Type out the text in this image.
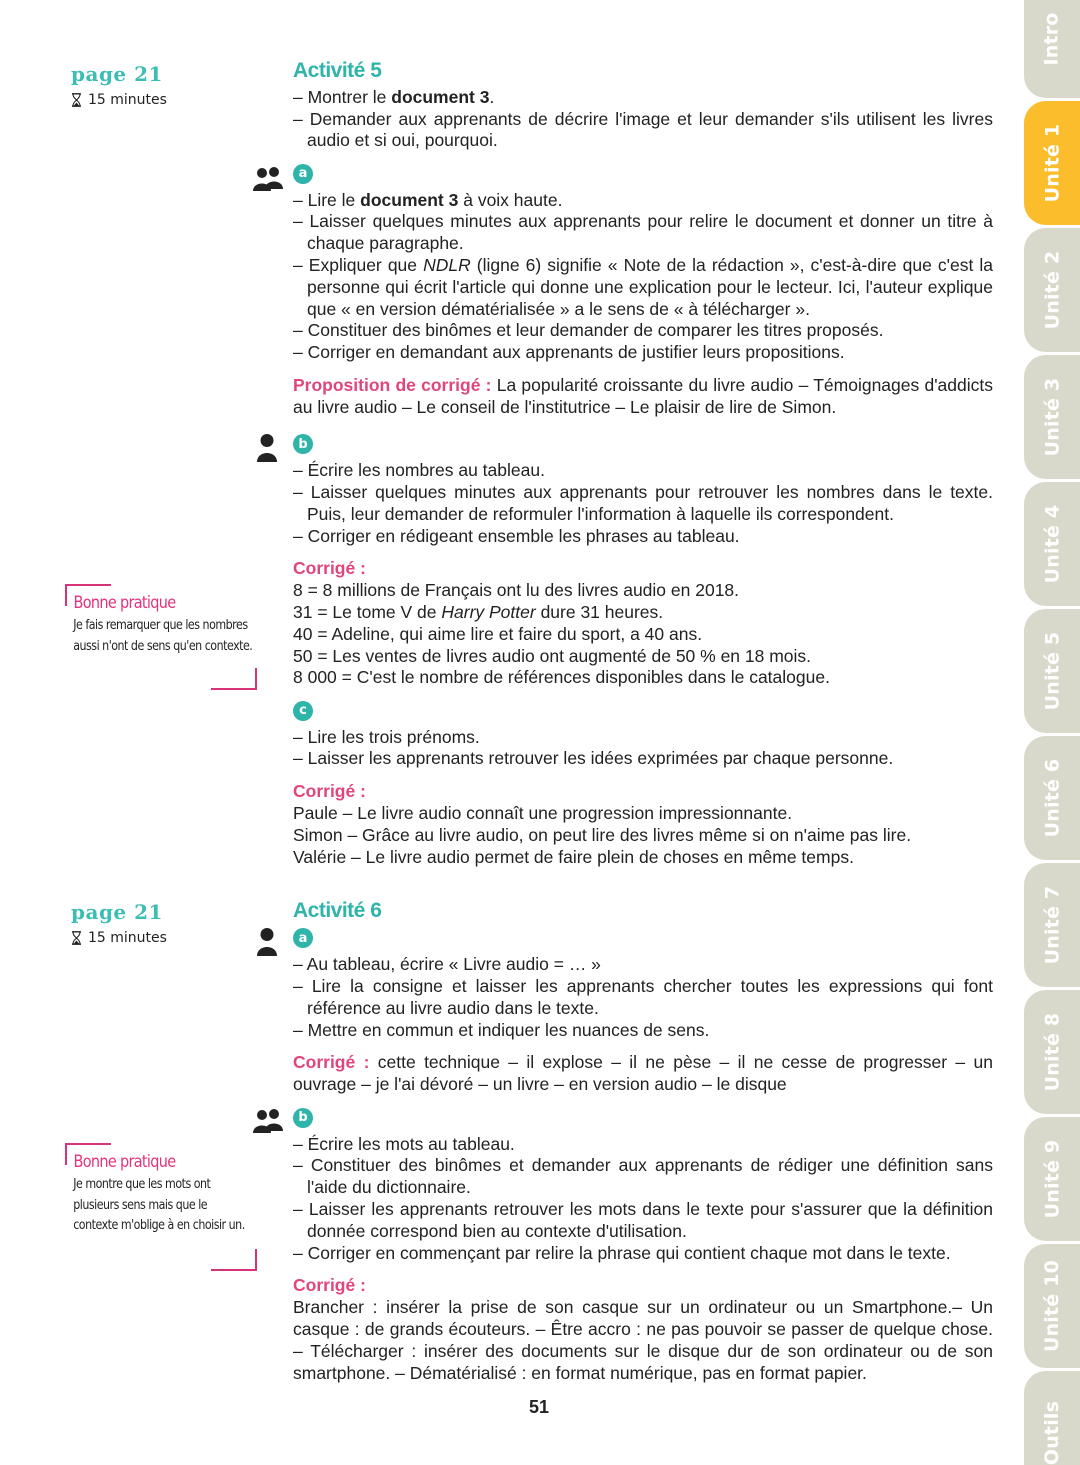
Intro
Unité 1
Unité 2
Unité 3
Unité 4
Unité 5
Unité 6
Unité 7
Unité 8
Unité 9
Unité 10
Outils
page 21
15 minutes
Bonne pratique
Je fais remarquer que les nombres aussi n'ont de sens qu'en contexte.
Activité 5
– Montrer le document 3.
– Demander aux apprenants de décrire l'image et leur demander s'ils utilisent les livres audio et si oui, pourquoi.
a
– Lire le document 3 à voix haute.
– Laisser quelques minutes aux apprenants pour relire le document et donner un titre à chaque paragraphe.
– Expliquer que NDLR (ligne 6) signifie « Note de la rédaction », c'est-à-dire que c'est la personne qui écrit l'article qui donne une explication pour le lecteur. Ici, l'auteur explique que « en version dématérialisée » a le sens de « à télécharger ».
– Constituer des binômes et leur demander de comparer les titres proposés.
– Corriger en demandant aux apprenants de justifier leurs propositions.

Proposition de corrigé : La popularité croissante du livre audio – Témoignages d'addicts au livre audio – Le conseil de l'institutrice – Le plaisir de lire de Simon.

b
– Écrire les nombres au tableau.
– Laisser quelques minutes aux apprenants pour retrouver les nombres dans le texte. Puis, leur demander de reformuler l'information à laquelle ils correspondent.
– Corriger en rédigeant ensemble les phrases au tableau.
Corrigé :
8 = 8 millions de Français ont lu des livres audio en 2018.
31 = Le tome V de Harry Potter dure 31 heures.
40 = Adeline, qui aime lire et faire du sport, a 40 ans.
50 = Les ventes de livres audio ont augmenté de 50 % en 18 mois.
8 000 = C'est le nombre de références disponibles dans le catalogue.
c
– Lire les trois prénoms.
– Laisser les apprenants retrouver les idées exprimées par chaque personne.
Corrigé :
Paule – Le livre audio connaît une progression impressionnante.
Simon – Grâce au livre audio, on peut lire des livres même si on n'aime pas lire.
Valérie – Le livre audio permet de faire plein de choses en même temps.
page 21
15 minutes
Bonne pratique
Je montre que les mots ont plusieurs sens mais que le contexte m'oblige à en choisir un.
Activité 6
a
– Au tableau, écrire « Livre audio = … »
– Lire la consigne et laisser les apprenants chercher toutes les expressions qui font référence au livre audio dans le texte.
– Mettre en commun et indiquer les nuances de sens.

Corrigé : cette technique – il explose – il ne pèse – il ne cesse de progresser – un ouvrage – je l'ai dévoré – un livre – en version audio – le disque

b
– Écrire les mots au tableau.
– Constituer des binômes et demander aux apprenants de rédiger une définition sans l'aide du dictionnaire.
– Laisser les apprenants retrouver les mots dans le texte pour s'assurer que la définition donnée correspond bien au contexte d'utilisation.
– Corriger en commençant par relire la phrase qui contient chaque mot dans le texte.
Corrigé :

Brancher : insérer la prise de son casque sur un ordinateur ou un Smartphone.– Un casque : de grands écouteurs. – Être accro : ne pas pouvoir se passer de quelque chose. – Télécharger : insérer des documents sur le disque dur de son ordinateur ou de son smartphone. – Dématérialisé : en format numérique, pas en format papier.

51
